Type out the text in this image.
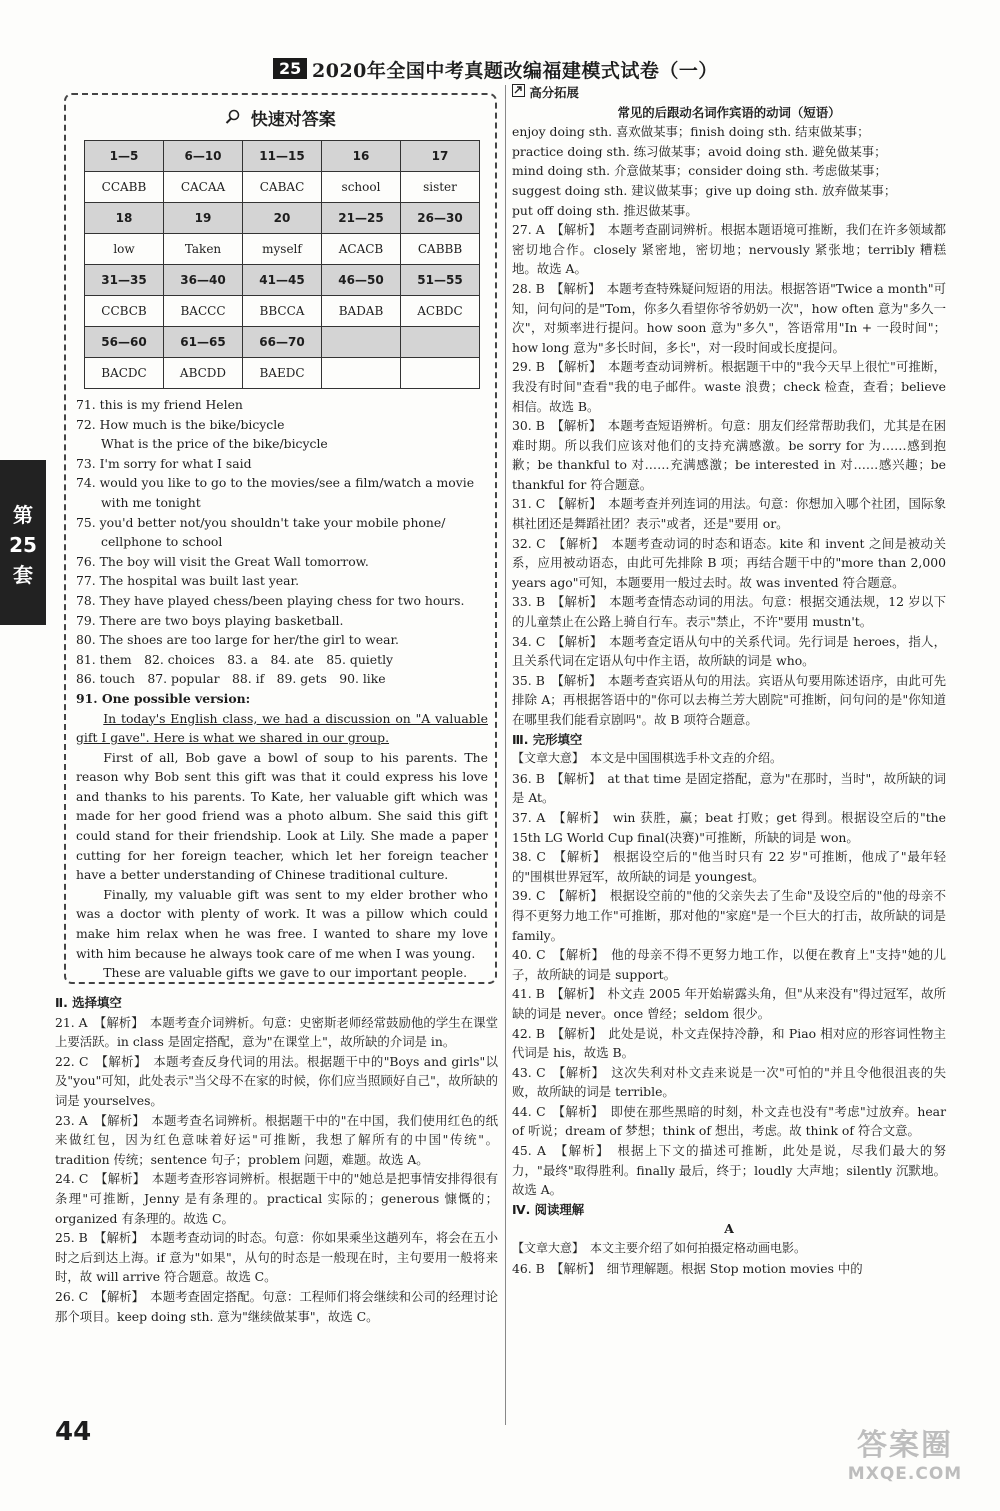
25 2020年全国中考真题改编福建模式试卷（一）
第
25
套
快速对答案
1—5	6—10	11—15	16	17
CCABB	CACAA	CABAC	school	sister
18	19	20	21—25	26—30
low	Taken	myself	ACACB	CABBB
31—35	36—40	41—45	46—50	51—55
CCBCB	BACCC	BBCCA	BADAB	ACBDC
56—60	61—65	66—70		
BACDC	ABCDD	BAEDC		
71. this is my friend Helen
72. How much is the bike/bicycle
What is the price of the bike/bicycle
73. I'm sorry for what I said
74. would you like to go to the movies/see a film/watch a movie
with me tonight
75. you'd better not/you shouldn't take your mobile phone/
cellphone to school
76. The boy will visit the Great Wall tomorrow.
77. The hospital was built last year.
78. They have played chess/been playing chess for two hours.
79. There are two boys playing basketball.
80. The shoes are too large for her/the girl to wear.
81. them　82. choices　83. a　84. ate　85. quietly
86. touch　87. popular　88. if　89. gets　90. like
91. One possible version:
In today's English class, we had a discussion on "A valuable gift I gave". Here is what we shared in our group.
First of all, Bob gave a bowl of soup to his parents. The reason why Bob sent this gift was that it could express his love and thanks to his parents. To Kate, her valuable gift which was made for her good friend was a photo album. She said this gift could stand for their friendship. Look at Lily. She made a paper cutting for her foreign teacher, which let her foreign teacher have a better understanding of Chinese traditional culture.
Finally, my valuable gift was sent to my elder brother who was a doctor with plenty of work. It was a pillow which could make him relax when he was free. I wanted to share my love with him because he always took care of me when I was young.
These are valuable gifts we gave to our important people.
Ⅱ. 选择填空
21. A　【解析】　本题考查介词辨析。句意：史密斯老师经常鼓励他的学生在课堂上要活跃。in class 是固定搭配，意为"在课堂上"，故所缺的介词是 in。
22. C　【解析】　本题考查反身代词的用法。根据题干中的"Boys and girls"以及"you"可知，此处表示"当父母不在家的时候，你们应当照顾好自己"，故所缺的词是 yourselves。
23. A　【解析】　本题考查名词辨析。根据题干中的"在中国，我们使用红色的纸来做红包，因为红色意味着好运"可推断，我想了解所有的中国"传统"。tradition 传统；sentence 句子；problem 问题，难题。故选 A。
24. C　【解析】　本题考查形容词辨析。根据题干中的"她总是把事情安排得很有条理"可推断，Jenny 是有条理的。practical 实际的；generous 慷慨的；organized 有条理的。故选 C。
25. B　【解析】　本题考查动词的时态。句意：你如果乘坐这趟列车，将会在五小时之后到达上海。if 意为"如果"，从句的时态是一般现在时，主句要用一般将来时，故 will arrive 符合题意。故选 C。
26. C　【解析】　本题考查固定搭配。句意：工程师们将会继续和公司的经理讨论那个项目。keep doing sth. 意为"继续做某事"，故选 C。
高分拓展
常见的后跟动名词作宾语的动词（短语）
enjoy doing sth. 喜欢做某事；finish doing sth. 结束做某事；
practice doing sth. 练习做某事；avoid doing sth. 避免做某事；
mind doing sth. 介意做某事；consider doing sth. 考虑做某事；
suggest doing sth. 建议做某事；give up doing sth. 放弃做某事；
put off doing sth. 推迟做某事。
27. A　【解析】　本题考查副词辨析。根据本题语境可推断，我们在许多领域都密切地合作。closely 紧密地，密切地；nervously 紧张地；terribly 糟糕地。故选 A。
28. B　【解析】　本题考查特殊疑问短语的用法。根据答语"Twice a month"可知，问句问的是"Tom，你多久看望你爷爷奶奶一次"，how often 意为"多久一次"，对频率进行提问。how soon 意为"多久"，答语常用"In + 一段时间"；how long 意为"多长时间，多长"，对一段时间或长度提问。
29. B　【解析】　本题考查动词辨析。根据题干中的"我今天早上很忙"可推断，我没有时间"查看"我的电子邮件。waste 浪费；check 检查，查看；believe 相信。故选 B。
30. B　【解析】　本题考查短语辨析。句意：朋友们经常帮助我们，尤其是在困难时期。所以我们应该对他们的支持充满感激。be sorry for 为……感到抱歉；be thankful to 对……充满感激；be interested in 对……感兴趣；be thankful for 符合题意。
31. C　【解析】　本题考查并列连词的用法。句意：你想加入哪个社团，国际象棋社团还是舞蹈社团？表示"或者，还是"要用 or。
32. C　【解析】　本题考查动词的时态和语态。kite 和 invent 之间是被动关系，应用被动语态，由此可先排除 B 项；再结合题干中的"more than 2,000 years ago"可知，本题要用一般过去时。故 was invented 符合题意。
33. B　【解析】　本题考查情态动词的用法。句意：根据交通法规，12 岁以下的儿童禁止在公路上骑自行车。表示"禁止，不许"要用 mustn't。
34. C　【解析】　本题考查定语从句中的关系代词。先行词是 heroes，指人，且关系代词在定语从句中作主语，故所缺的词是 who。
35. B　【解析】　本题考查宾语从句的用法。宾语从句要用陈述语序，由此可先排除 A；再根据答语中的"你可以去梅兰芳大剧院"可推断，问句问的是"你知道在哪里我们能看京剧吗"。故 B 项符合题意。
Ⅲ. 完形填空
【文章大意】　本文是中国围棋选手朴文垚的介绍。
36. B　【解析】　at that time 是固定搭配，意为"在那时，当时"，故所缺的词是 At。
37. A　【解析】　win 获胜，赢；beat 打败；get 得到。根据设空后的"the 15th LG World Cup final(决赛)"可推断，所缺的词是 won。
38. C　【解析】　根据设空后的"他当时只有 22 岁"可推断，他成了"最年轻的"围棋世界冠军，故所缺的词是 youngest。
39. C　【解析】　根据设空前的"他的父亲失去了生命"及设空后的"他的母亲不得不更努力地工作"可推断，那对他的"家庭"是一个巨大的打击，故所缺的词是 family。
40. C　【解析】　他的母亲不得不更努力地工作，以便在教育上"支持"她的儿子，故所缺的词是 support。
41. B　【解析】　朴文垚 2005 年开始崭露头角，但"从来没有"得过冠军，故所缺的词是 never。once 曾经；seldom 很少。
42. B　【解析】　此处是说，朴文垚保持冷静，和 Piao 相对应的形容词性物主代词是 his，故选 B。
43. C　【解析】　这次失利对朴文垚来说是一次"可怕的"并且令他很沮丧的失败，故所缺的词是 terrible。
44. C　【解析】　即使在那些黑暗的时刻，朴文垚也没有"考虑"过放弃。hear of 听说；dream of 梦想；think of 想出，考虑。故 think of 符合文意。
45. A　【解析】　根据上下文的描述可推断，此处是说，尽我们最大的努力，"最终"取得胜利。finally 最后，终于；loudly 大声地；silently 沉默地。故选 A。
Ⅳ. 阅读理解
A
【文章大意】　本文主要介绍了如何拍摄定格动画电影。
46. B　【解析】　细节理解题。根据 Stop motion movies 中的
44	答案圈
MXQE.COM
